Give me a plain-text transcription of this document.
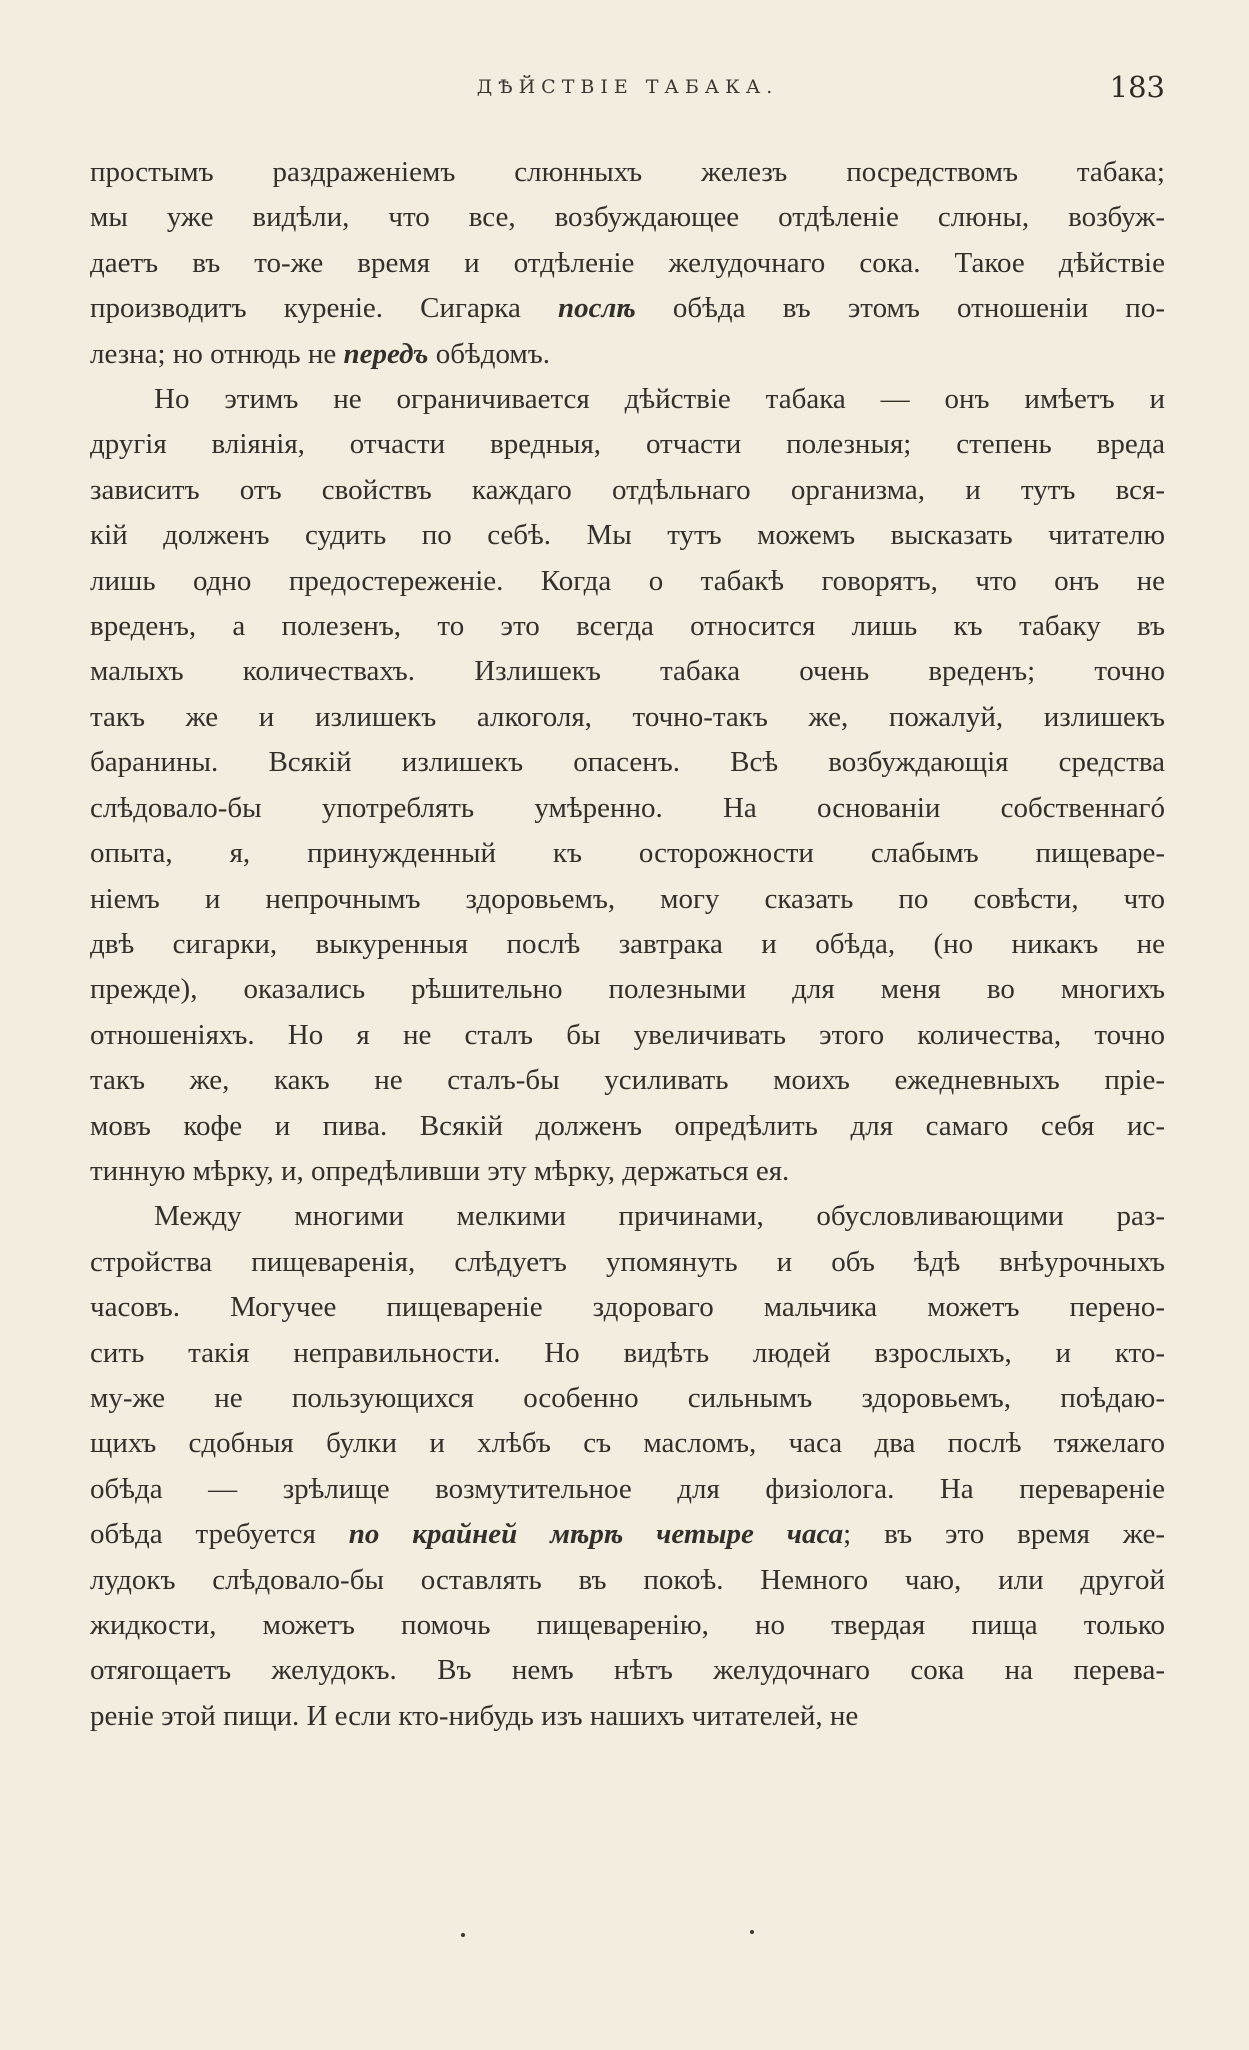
ДѢЙСТВІЕ ТАБАКА.	183
простымъ раздраженіемъ слюнныхъ железъ посредствомъ табака;
мы уже видѣли, что все, возбуждающее отдѣленіе слюны, возбуж-
даетъ въ то-же время и отдѣленіе желудочнаго сока. Такое дѣйствіе
производитъ куреніе. Сигарка послѣ обѣда въ этомъ отношеніи по-
лезна; но отнюдь не передъ обѣдомъ.
Но этимъ не ограничивается дѣйствіе табака — онъ имѣетъ и
другія вліянія, отчасти вредныя, отчасти полезныя; степень вреда
зависитъ отъ свойствъ каждаго отдѣльнаго организма, и тутъ вся-
кій долженъ судить по себѣ. Мы тутъ можемъ высказать читателю
лишь одно предостереженіе. Когда о табакѣ говорятъ, что онъ не
вреденъ, а полезенъ, то это всегда относится лишь къ табаку въ
малыхъ количествахъ. Излишекъ табака очень вреденъ; точно
такъ же и излишекъ алкоголя, точно-такъ же, пожалуй, излишекъ
баранины. Всякій излишекъ опасенъ. Всѣ возбуждающія средства
слѣдовало-бы употреблять умѣренно. На основаніи собственнагó
опыта, я, принужденный къ осторожности слабымъ пищеваре-
ніемъ и непрочнымъ здоровьемъ, могу сказать по совѣсти, что
двѣ сигарки, выкуренныя послѣ завтрака и обѣда, (но никакъ не
прежде), оказались рѣшительно полезными для меня во многихъ
отношеніяхъ. Но я не сталъ бы увеличивать этого количества, точно
такъ же, какъ не сталъ-бы усиливать моихъ ежедневныхъ пріе-
мовъ кофе и пива. Всякій долженъ опредѣлить для самаго себя ис-
тинную мѣрку, и, опредѣливши эту мѣрку, держаться ея.
Между многими мелкими причинами, обусловливающими раз-
стройства пищеваренія, слѣдуетъ упомянуть и объ ѣдѣ внѣурочныхъ
часовъ. Могучее пищевареніе здороваго мальчика можетъ перено-
сить такія неправильности. Но видѣть людей взрослыхъ, и кто-
му-же не пользующихся особенно сильнымъ здоровьемъ, поѣдаю-
щихъ сдобныя булки и хлѣбъ съ масломъ, часа два послѣ тяжелаго
обѣда — зрѣлище возмутительное для физіолога. На перевареніе
обѣда требуется по крайней мѣрѣ четыре часа; въ это время же-
лудокъ слѣдовало-бы оставлять въ покоѣ. Немного чаю, или другой
жидкости, можетъ помочь пищеваренію, но твердая пища только
отягощаетъ желудокъ. Въ немъ нѣтъ желудочнаго сока на перева-
реніе этой пищи. И если кто-нибудь изъ нашихъ читателей, не
